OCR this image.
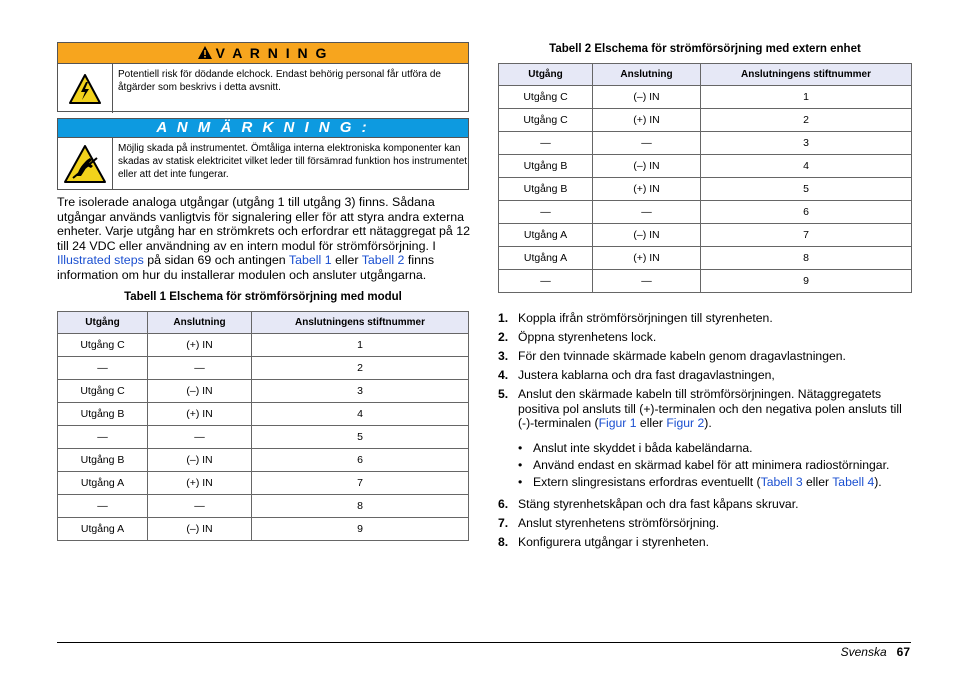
V A R N I N G
Potentiell risk för dödande elchock. Endast behörig personal får utföra de åtgärder som beskrivs i detta avsnitt.
A N M Ä R K N I N G :
Möjlig skada på instrumentet. Ömtåliga interna elektroniska komponenter kan skadas av statisk elektricitet vilket leder till försämrad funktion hos instrumentet eller att det inte fungerar.
Tre isolerade analoga utgångar (utgång 1 till utgång 3) finns. Sådana utgångar används vanligtvis för signalering eller för att styra andra externa enheter. Varje utgång har en strömkrets och erfordrar ett nätaggregat på 12 till 24 VDC eller användning av en intern modul för strömförsörjning. I Illustrated steps på sidan 69 och antingen Tabell 1 eller Tabell 2 finns information om hur du installerar modulen och ansluter utgångarna.
Tabell 1 Elschema för strömförsörjning med modul
Utgång	Anslutning	Anslutningens stiftnummer
Utgång C	(+) IN	1
—	—	2
Utgång C	(–) IN	3
Utgång B	(+) IN	4
—	—	5
Utgång B	(–) IN	6
Utgång A	(+) IN	7
—	—	8
Utgång A	(–) IN	9
Tabell 2 Elschema för strömförsörjning med extern enhet
Utgång	Anslutning	Anslutningens stiftnummer
Utgång C	(–) IN	1
Utgång C	(+) IN	2
—	—	3
Utgång B	(–) IN	4
Utgång B	(+) IN	5
—	—	6
Utgång A	(–) IN	7
Utgång A	(+) IN	8
—	—	9
1. Koppla ifrån strömförsörjningen till styrenheten.
2. Öppna styrenhetens lock.
3. För den tvinnade skärmade kabeln genom dragavlastningen.
4. Justera kablarna och dra fast dragavlastningen,
5. Anslut den skärmade kabeln till strömförsörjningen. Nätaggregatets positiva pol ansluts till (+)-terminalen och den negativa polen ansluts till (-)-terminalen (Figur 1 eller Figur 2).
• Anslut inte skyddet i båda kabeländarna.
• Använd endast en skärmad kabel för att minimera radiostörningar.
• Extern slingresistans erfordras eventuellt (Tabell 3 eller Tabell 4).
6. Stäng styrenhetskåpan och dra fast kåpans skruvar.
7. Anslut styrenhetens strömförsörjning.
8. Konfigurera utgångar i styrenheten.
Svenska 67
